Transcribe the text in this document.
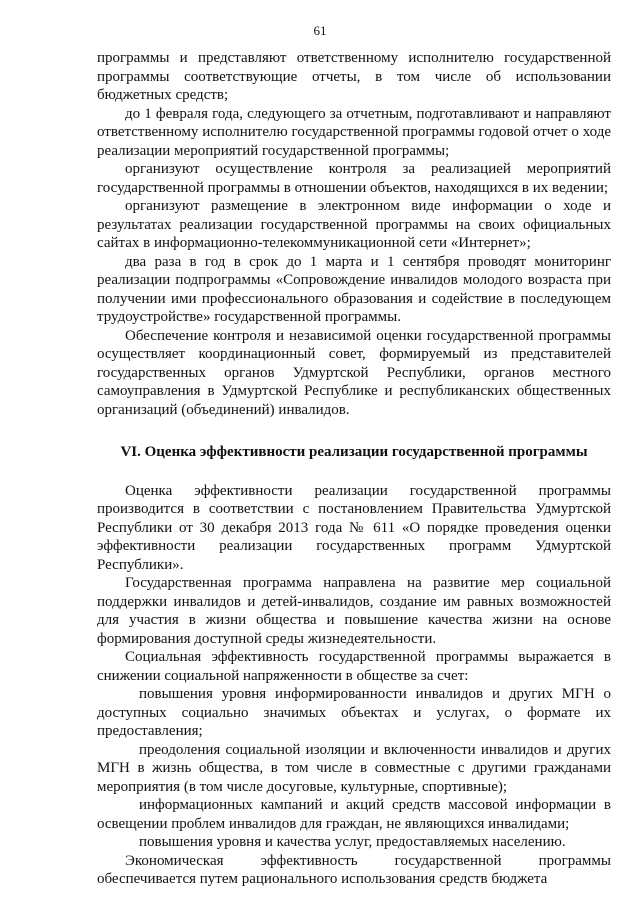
61

программы и представляют ответственному исполнителю государственной программы соответствующие отчеты, в том числе об использовании бюджетных средств;

до 1 февраля года, следующего за отчетным, подготавливают и направляют ответственному исполнителю государственной программы годовой отчет о ходе реализации мероприятий государственной программы;

организуют осуществление контроля за реализацией мероприятий государственной программы в отношении объектов, находящихся в их ведении;

организуют размещение в электронном виде информации о ходе и результатах реализации государственной программы на своих официальных сайтах в информационно-телекоммуникационной сети «Интернет»;

два раза в год в срок до 1 марта и 1 сентября проводят мониторинг реализации подпрограммы «Сопровождение инвалидов молодого возраста при получении ими профессионального образования и содействие в последующем трудоустройстве» государственной программы.

Обеспечение контроля и независимой оценки государственной программы осуществляет координационный совет, формируемый из представителей государственных органов Удмуртской Республики, органов местного самоуправления в Удмуртской Республике и республиканских общественных организаций (объединений) инвалидов.

VI. Оценка эффективности реализации государственной программы

Оценка эффективности реализации государственной программы производится в соответствии с постановлением Правительства Удмуртской Республики от 30 декабря 2013 года № 611 «О порядке проведения оценки эффективности реализации государственных программ Удмуртской Республики».

Государственная программа направлена на развитие мер социальной поддержки инвалидов и детей-инвалидов, создание им равных возможностей для участия в жизни общества и повышение качества жизни на основе формирования доступной среды жизнедеятельности.

Социальная эффективность государственной программы выражается в снижении социальной напряженности в обществе за счет:

повышения уровня информированности инвалидов и других МГН о доступных социально значимых объектах и услугах, о формате их предоставления;

преодоления социальной изоляции и включенности инвалидов и других МГН в жизнь общества, в том числе в совместные с другими гражданами мероприятия (в том числе досуговые, культурные, спортивные);

информационных кампаний и акций средств массовой информации в освещении проблем инвалидов для граждан, не являющихся инвалидами;

повышения уровня и качества услуг, предоставляемых населению.

Экономическая эффективность государственной программы обеспечивается путем рационального использования средств бюджета
